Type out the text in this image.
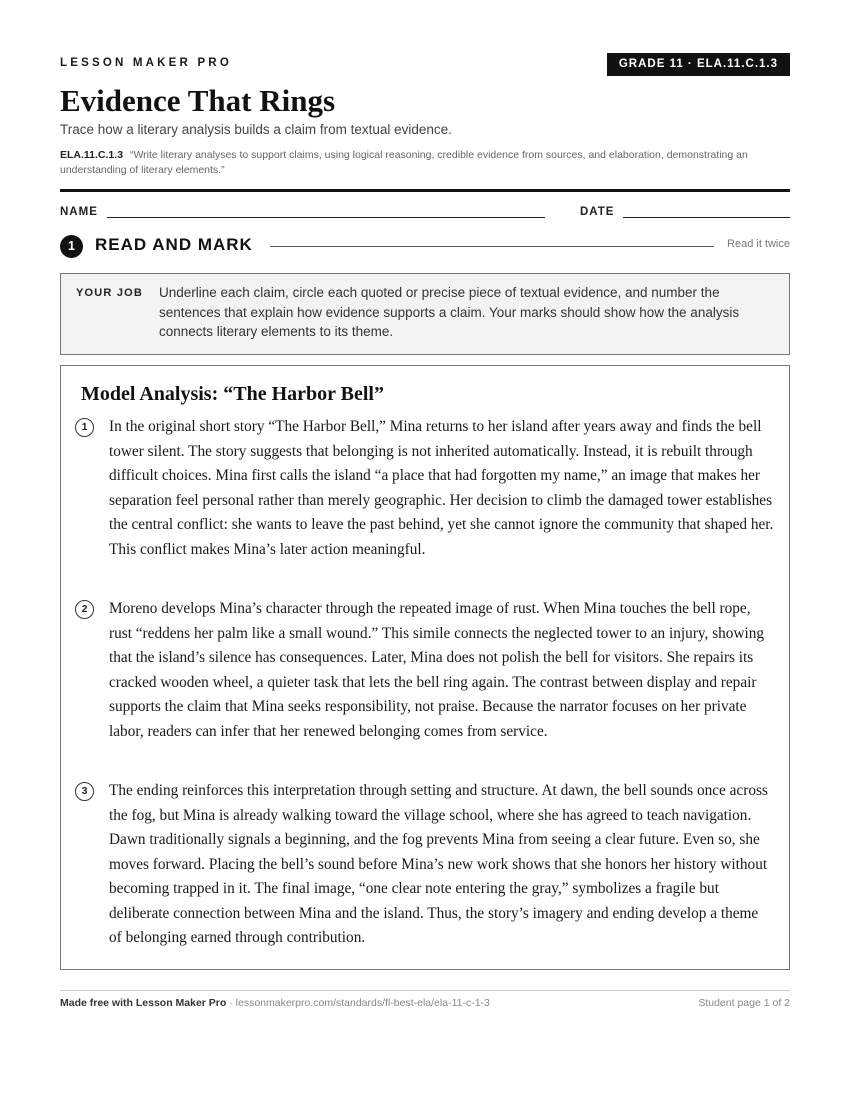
LESSON MAKER PRO	GRADE 11 · ELA.11.C.1.3
Evidence That Rings
Trace how a literary analysis builds a claim from textual evidence.
ELA.11.C.1.3 “Write literary analyses to support claims, using logical reasoning, credible evidence from sources, and elaboration, demonstrating an understanding of literary elements.”
NAME	DATE
1	READ AND MARK	Read it twice
YOUR JOB Underline each claim, circle each quoted or precise piece of textual evidence, and number the sentences that explain how evidence supports a claim. Your marks should show how the analysis connects literary elements to its theme.
Model Analysis: “The Harbor Bell”
1	In the original short story “The Harbor Bell,” Mina returns to her island after years away and finds the bell tower silent. The story suggests that belonging is not inherited automatically. Instead, it is rebuilt through difficult choices. Mina first calls the island “a place that had forgotten my name,” an image that makes her separation feel personal rather than merely geographic. Her decision to climb the damaged tower establishes the central conflict: she wants to leave the past behind, yet she cannot ignore the community that shaped her. This conflict makes Mina’s later action meaningful.
2	Moreno develops Mina’s character through the repeated image of rust. When Mina touches the bell rope, rust “reddens her palm like a small wound.” This simile connects the neglected tower to an injury, showing that the island’s silence has consequences. Later, Mina does not polish the bell for visitors. She repairs its cracked wooden wheel, a quieter task that lets the bell ring again. The contrast between display and repair supports the claim that Mina seeks responsibility, not praise. Because the narrator focuses on her private labor, readers can infer that her renewed belonging comes from service.
3	The ending reinforces this interpretation through setting and structure. At dawn, the bell sounds once across the fog, but Mina is already walking toward the village school, where she has agreed to teach navigation. Dawn traditionally signals a beginning, and the fog prevents Mina from seeing a clear future. Even so, she moves forward. Placing the bell’s sound before Mina’s new work shows that she honors her history without becoming trapped in it. The final image, “one clear note entering the gray,” symbolizes a fragile but deliberate connection between Mina and the island. Thus, the story’s imagery and ending develop a theme of belonging earned through contribution.
Made free with Lesson Maker Pro · lessonmakerpro.com/standards/fl-best-ela/ela-11-c-1-3	Student page 1 of 2
